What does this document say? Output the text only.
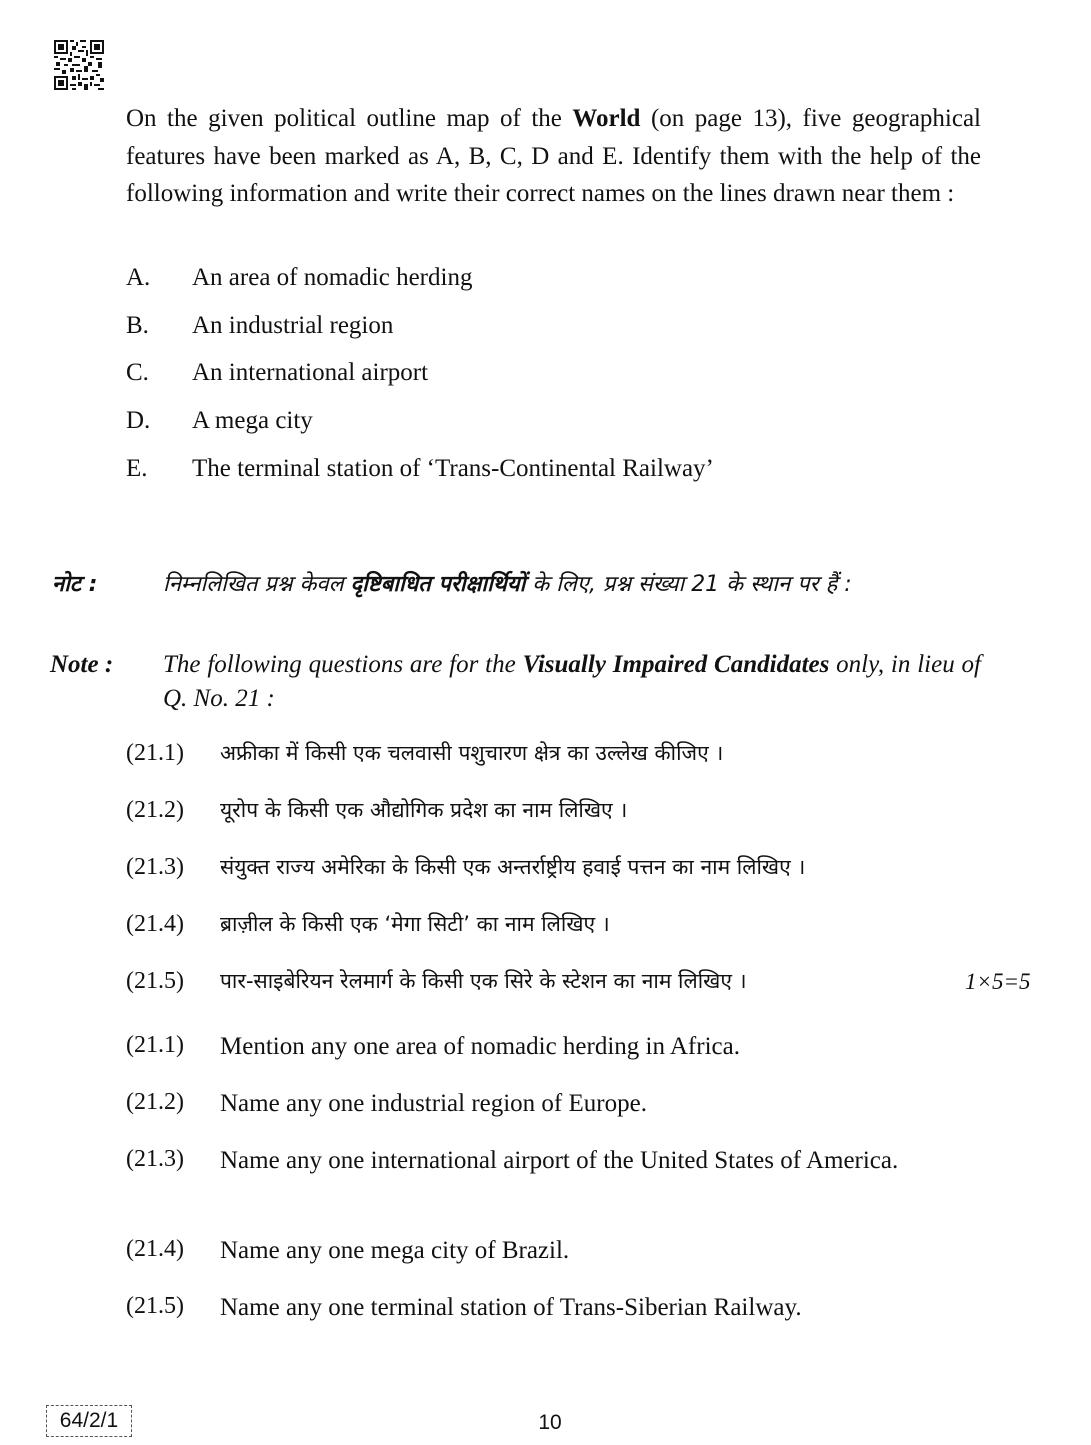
On the given political outline map of the World (on page 13), five geographical features have been marked as A, B, C, D and E. Identify them with the help of the following information and write their correct names on the lines drawn near them :

A. An area of nomadic herding
B. An industrial region
C. An international airport
D. A mega city
E. The terminal station of ‘Trans-Continental Railway’
नोट :	निम्नलिखित प्रश्न केवल दृष्टिबाधित परीक्षार्थियों के लिए, प्रश्न संख्या 21 के स्थान पर हैं :
Note : The following questions are for the Visually Impaired Candidates only, in lieu of Q. No. 21 :
(21.1) अफ्रीका में किसी एक चलवासी पशुचारण क्षेत्र का उल्लेख कीजिए ।
(21.2) यूरोप के किसी एक औद्योगिक प्रदेश का नाम लिखिए ।
(21.3) संयुक्त राज्य अमेरिका के किसी एक अन्तर्राष्ट्रीय हवाई पत्तन का नाम लिखिए ।
(21.4) ब्राज़ील के किसी एक ‘मेगा सिटी’ का नाम लिखिए ।
(21.5) पार-साइबेरियन रेलमार्ग के किसी एक सिरे के स्टेशन का नाम लिखिए ।	1×5=5
(21.1) Mention any one area of nomadic herding in Africa.
(21.2) Name any one industrial region of Europe.
(21.3) Name any one international airport of the United States of America.
(21.4) Name any one mega city of Brazil.
(21.5) Name any one terminal station of Trans-Siberian Railway.
64/2/1	10
